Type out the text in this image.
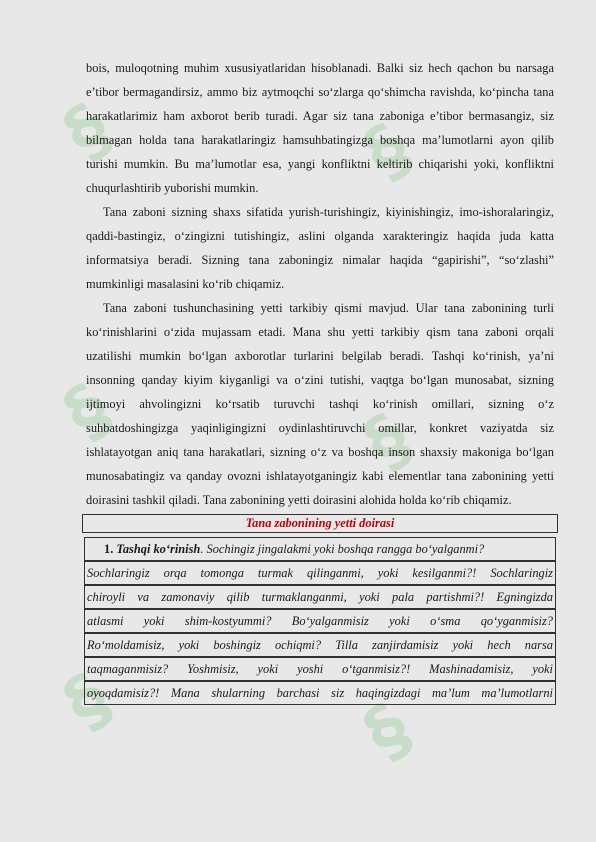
§	§
§	§
§	§

bois, muloqotning muhim xususiyatlaridan hisoblanadi. Balki siz hech qachon bu narsaga e’tibor bermagandirsiz, ammo biz aytmoqchi so‘zlarga qo‘shimcha ravishda, ko‘pincha tana harakatlarimiz ham axborot berib turadi. Agar siz tana zaboniga e’tibor bermasangiz, siz bilmagan holda tana harakatlaringiz hamsuhbatingizga boshqa ma’lumotlarni ayon qilib turishi mumkin. Bu ma’lumotlar esa, yangi konfliktni keltirib chiqarishi yoki, konfliktni chuqurlashtirib yuborishi mumkin.

Tana zaboni sizning shaxs sifatida yurish-turishingiz, kiyinishingiz, imo-ishoralaringiz, qaddi-bastingiz, o‘zingizni tutishingiz, aslini olganda xarakteringiz haqida juda katta informatsiya beradi. Sizning tana zaboningiz nimalar haqida “gapirishi”, “so‘zlashi” mumkinligi masalasini ko‘rib chiqamiz.

Tana zaboni tushunchasining yetti tarkibiy qismi mavjud. Ular tana zabonining turli ko‘rinishlarini o‘zida mujassam etadi. Mana shu yetti tarkibiy qism tana zaboni orqali uzatilishi mumkin bo‘lgan axborotlar turlarini belgilab beradi. Tashqi ko‘rinish, ya’ni insonning qanday kiyim kiyganligi va o‘zini tutishi, vaqtga bo‘lgan munosabat, sizning ijtimoyi ahvolingizni ko‘rsatib turuvchi tashqi ko‘rinish omillari, sizning o‘z suhbatdoshingizga yaqinligingizni oydinlashtiruvchi omillar, konkret vaziyatda siz ishlatayotgan aniq tana harakatlari, sizning o‘z va boshqa inson shaxsiy makoniga bo‘lgan munosabatingiz va qanday ovozni ishlatayotganingiz kabi elementlar tana zabonining yetti doirasini tashkil qiladi. Tana zabonining yetti doirasini alohida holda ko‘rib chiqamiz.

Tana zabonining yetti doirasi
1. Tashqi ko‘rinish. Sochingiz jingalakmi yoki boshqa rangga bo‘yalganmi?
Sochlaringiz orqa tomonga turmak qilinganmi, yoki kesilganmi?! Sochlaringiz
chiroyli va zamonaviy qilib turmaklanganmi, yoki pala partishmi?! Egningizda
atlasmi yoki shim-kostyummi? Bo‘yalganmisiz yoki o‘sma qo‘yganmisiz?
Ro‘moldamisiz, yoki boshingiz ochiqmi? Tilla zanjirdamisiz yoki hech narsa
taqmaganmisiz? Yoshmisiz, yoki yoshi o‘tganmisiz?! Mashinadamisiz, yoki
oyoqdamisiz?! Mana shularning barchasi siz haqingizdagi ma’lum ma’lumotlarni
